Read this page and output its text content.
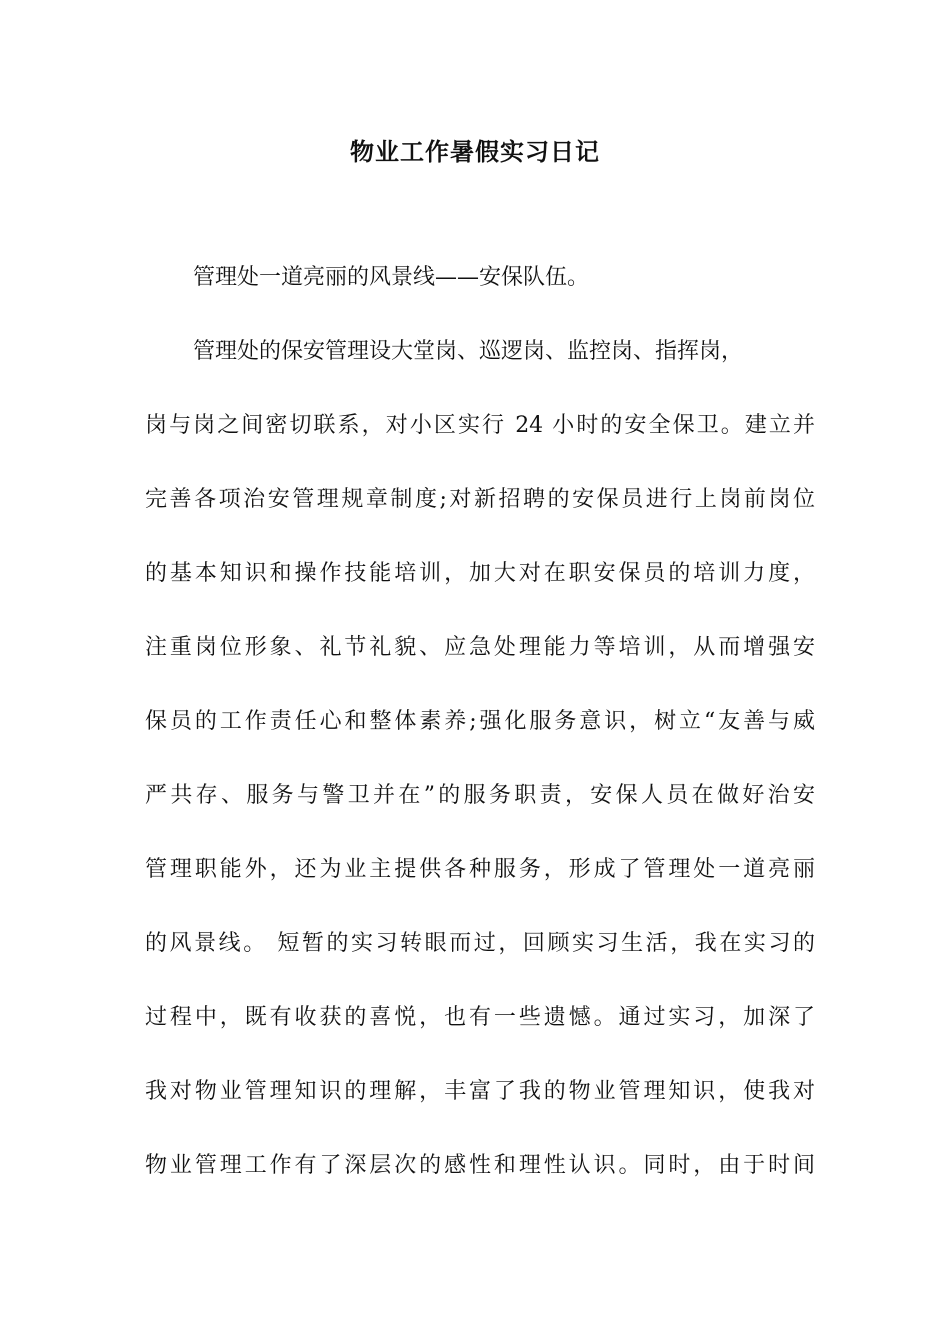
物业工作暑假实习日记
管理处一道亮丽的风景线——安保队伍。
管理处的保安管理设大堂岗、巡逻岗、监控岗、指挥岗，
岗与岗之间密切联系，对小区实行 24 小时的安全保卫。建立并
完善各项治安管理规章制度;对新招聘的安保员进行上岗前岗位
的基本知识和操作技能培训，加大对在职安保员的培训力度，
注重岗位形象、礼节礼貌、应急处理能力等培训，从而增强安
保员的工作责任心和整体素养;强化服务意识，树立“友善与威
严共存、服务与警卫并在”的服务职责，安保人员在做好治安
管理职能外，还为业主提供各种服务，形成了管理处一道亮丽
的风景线。 短暂的实习转眼而过，回顾实习生活，我在实习的
过程中，既有收获的喜悦，也有一些遗憾。通过实习，加深了
我对物业管理知识的理解，丰富了我的物业管理知识，使我对
物业管理工作有了深层次的感性和理性认识。同时，由于时间
